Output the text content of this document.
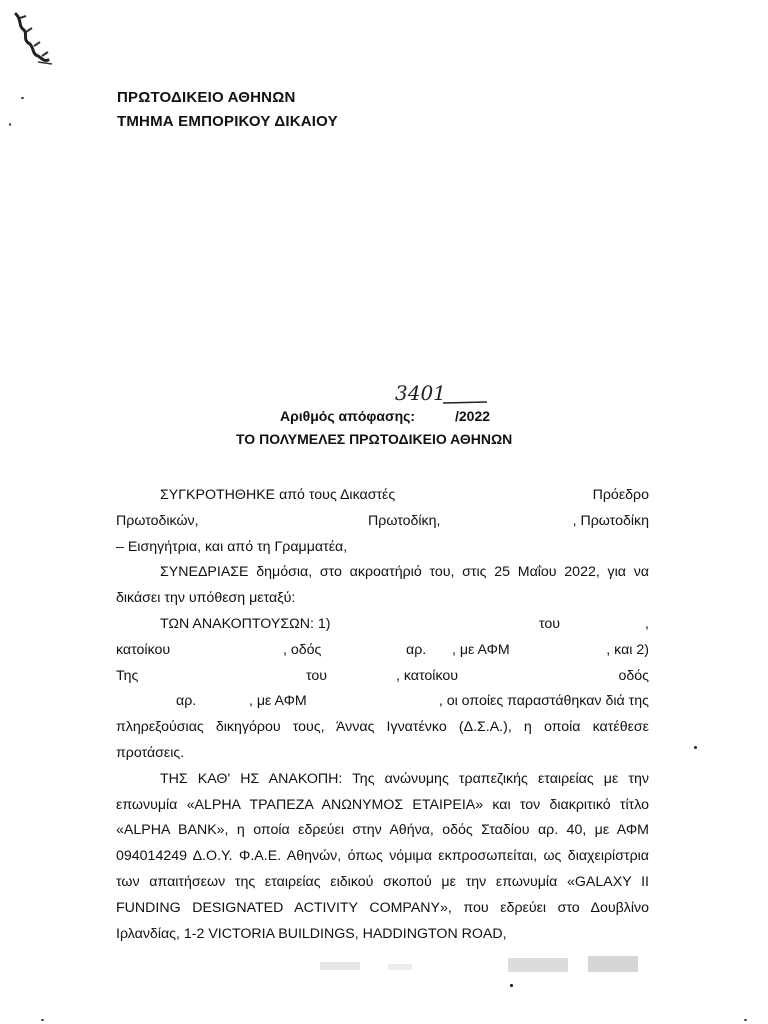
ΠΡΩΤΟΔΙΚΕΙΟ ΑΘΗΝΩΝ
ΤΜΗΜΑ ΕΜΠΟΡΙΚΟΥ ΔΙΚΑΙΟΥ
3401
Αριθμός απόφασης:	/2022
ΤΟ ΠΟΛΥΜΕΛΕΣ ΠΡΩΤΟΔΙΚΕΙΟ ΑΘΗΝΩΝ
ΣΥΓΚΡΟΤΗΘΗΚΕ από τους Δικαστές	Πρόεδρο
Πρωτοδικών,	Πρωτοδίκη,	, Πρωτοδίκη
– Εισηγήτρια, και από τη Γραμματέα,
ΣΥΝΕΔΡΙΑΣΕ δημόσια, στο ακροατήριό του, στις 25 Μαΐου 2022, για να δικάσει την υπόθεση μεταξύ:
ΤΩΝ ΑΝΑΚΟΠΤΟΥΣΩΝ: 1)	του	,
κατοίκου	, οδός	αρ. , με ΑΦΜ	, και 2)
Της	του	, κατοίκου	οδός
αρ.	, με ΑΦΜ	, οι οποίες παραστάθηκαν διά της
πληρεξούσιας δικηγόρου τους, Άννας Ιγνατένκο (Δ.Σ.Α.), η οποία κατέθεσε προτάσεις.
ΤΗΣ ΚΑΘ' ΗΣ ΑΝΑΚΟΠΗ: Της ανώνυμης τραπεζικής εταιρείας με την επωνυμία «ALPHA ΤΡΑΠΕΖΑ ΑΝΩΝΥΜΟΣ ΕΤΑΙΡΕΙΑ» και τον διακριτικό τίτλο «ALPHA BANK», η οποία εδρεύει στην Αθήνα, οδός Σταδίου αρ. 40, με ΑΦΜ 094014249 Δ.Ο.Υ. Φ.Α.Ε. Αθηνών, όπως νόμιμα εκπροσωπείται, ως διαχειρίστρια των απαιτήσεων της εταιρείας ειδικού σκοπού με την επωνυμία «GALAXY II FUNDING DESIGNATED ACTIVITY COMPANY», που εδρεύει στο Δουβλίνο Ιρλανδίας, 1-2 VICTORIA BUILDINGS, HADDINGTON ROAD,
